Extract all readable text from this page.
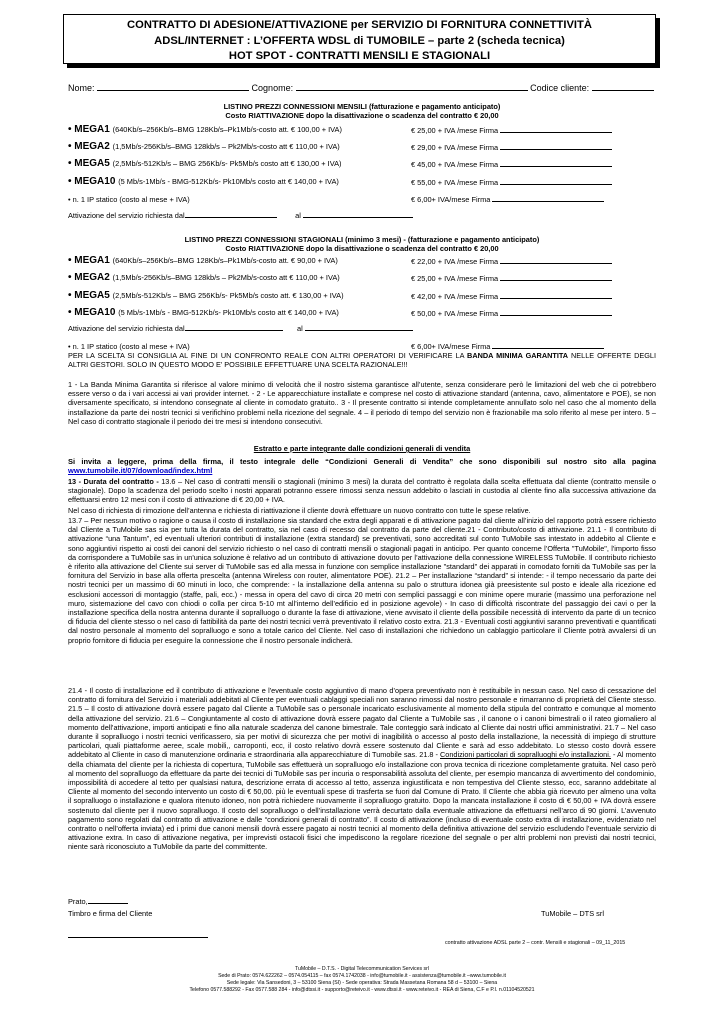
CONTRATTO DI ADESIONE/ATTIVAZIONE per SERVIZIO DI FORNITURA CONNETTIVITÀ
ADSL/INTERNET : L’OFFERTA WDSL di TUMOBILE – parte 2 (scheda tecnica)
HOT SPOT - CONTRATTI MENSILI E STAGIONALI
Nome:	Cognome:	Codice cliente:
LISTINO PREZZI CONNESSIONI MENSILI (fatturazione e pagamento anticipato)
Costo RIATTIVAZIONE dopo la disattivazione o scadenza del contratto € 20,00
• MEGA1 (640Kb/s–256Kb/s–BMG 128Kb/s–Pk1Mb/s-costo att. € 100,00 + IVA)	€ 25,00 + IVA /mese Firma
• MEGA2 (1,5Mb/s-256Kb/s–BMG 128kb/s – Pk2Mb/s-costo att € 110,00 + IVA)	€ 29,00 + IVA /mese Firma
• MEGA5 (2,5Mb/s-512Kb/s – BMG 256Kb/s- Pk5Mb/s costo att € 130,00 + IVA)	€ 45,00 + IVA /mese Firma
• MEGA10 (5 Mb/s-1Mb/s - BMG-512Kb/s- Pk10Mb/s costo att € 140,00 + IVA)	€ 55,00 + IVA /mese Firma
• n. 1 IP statico (costo al mese + IVA)	€ 6,00+ IVA/mese Firma
Attivazione del servizio richiesta dal	al
LISTINO PREZZI CONNESSIONI STAGIONALI (minimo 3 mesi) - (fatturazione e pagamento anticipato)
Costo RIATTIVAZIONE dopo la disattivazione o scadenza del contratto € 20,00
• MEGA1 (640Kb/s–256Kb/s–BMG 128Kb/s–Pk1Mb/s-costo att. € 90,00 + IVA)	€ 22,00 + IVA /mese Firma
• MEGA2 (1,5Mb/s-256Kb/s–BMG 128kb/s – Pk2Mb/s-costo att € 110,00 + IVA)	€ 25,00 + IVA /mese Firma
• MEGA5 (2,5Mb/s-512Kb/s – BMG 256Kb/s- Pk5Mb/s costo att. € 130,00 + IVA)	€ 42,00 + IVA /mese Firma
• MEGA10 (5 Mb/s-1Mb/s - BMG-512Kb/s- Pk10Mb/s costo att € 140,00 + IVA)	€ 50,00 + IVA /mese Firma
Attivazione del servizio richiesta dal	al
• n. 1 IP statico (costo al mese + IVA)	€ 6,00+ IVA/mese Firma
PER LA SCELTA SI CONSIGLIA AL FINE DI UN CONFRONTO REALE CON ALTRI OPERATORI DI VERIFICARE LA BANDA MINIMA GARANTITA NELLE OFFERTE DEGLI ALTRI GESTORI. SOLO IN QUESTO MODO E' POSSIBILE EFFETTUARE UNA SCELTA RAZIONALE!!!
1 - La Banda Minima Garantita si riferisce al valore minimo di velocità che il nostro sistema garantisce all’utente, senza considerare però le limitazioni del web che ci potrebbero essere verso o da i vari accessi ai vari provider internet. - 2 - Le apparecchiature installate e comprese nel costo di attivazione standard (antenna, cavo, alimentatore e POE), se non diversamente specificato, si intendono consegnate al cliente in comodato gratuito.. 3 - Il presente contratto si intende completamente annullato solo nel caso che al momento della installazione da parte dei nostri tecnici si verifichino problemi nella ricezione del segnale. 4 – il periodo di tempo del servizio non è frazionabile ma solo riferito al mese per intero. 5 – Nel caso di contratto stagionale il periodo dei tre mesi si intendono consecutivi.
Estratto e parte integrante dalle condizioni generali di vendita
Si invita a leggere, prima della firma, il testo integrale delle “Condizioni Generali di Vendita” che sono disponibili sul nostro sito alla pagina www.tumobile.it/07/download/index.html
13 - Durata del contratto - 13.6 – Nel caso di contratti mensili o stagionali (minimo 3 mesi) la durata del contratto è regolata dalla scelta effettuata dal cliente (contratto mensile o stagionale). Dopo la scadenza del periodo scelto i nostri apparati potranno essere rimossi senza nessun addebito o lasciati in custodia al cliente fino alla successiva attivazione da effettuarsi entro 12 mesi con il costo di attivazione di € 20,00 + IVA.
Nel caso di richiesta di rimozione dell’antenna e richiesta di riattivazione il cliente dovrà effettuare un nuovo contratto con tutte le spese relative.
13.7 – Per nessun motivo o ragione o causa il costo di installazione sia standard che extra degli apparati e di attivazione pagato dal cliente all’inizio del rapporto potrà essere richiesto dal Cliente a TuMobile sas sia per tutta la durata del contratto, sia nel caso di recesso dal contratto da parte del cliente.21 - Contributo/costo di attivazione. 21.1 - Il contributo di attivazione “una Tantum”, ed eventuali ulteriori contributi di installazione (extra standard) se preventivati, sono accreditati sul conto TuMobile sas intestato in addebito al Cliente e sono aggiuntivi rispetto ai costi dei canoni del servizio richiesto o nel caso di contratti mensili o stagionali pagati in anticipo. Per quanto concerne l’Offerta "TuMobile", l'importo fisso da corrispondere a TuMobile sas in un'unica soluzione è relativo ad un contributo di attivazione dovuto per l’attivazione della connessione WIRELESS TuMobile. Il contributo richiesto è riferito alla attivazione del Cliente sui server di TuMobile sas ed alla messa in funzione con semplice installazione "standard" dei apparati in comodato forniti da TuMobile sas per la fornitura del Servizio in base alla offerta prescelta (antenna Wireless con router, alimentatore POE). 21.2 – Per installazione “standard” si intende: - il tempo necessario da parte dei nostri tecnici per un massimo di 60 minuti in loco, che comprende: - la installazione della antenna su palo o struttura idonea già preesistente sul posto e ideale alla ricezione ed esclusioni accessori di montaggio (staffe, pali, ecc.) - messa in opera del cavo di circa 20 metri con semplici passaggi e con minime opere murarie (massimo una perforazione nel muro, sistemazione del cavo con chiodi o colla per circa 5-10 mt all’interno dell’edificio ed in posizione agevole) - In caso di difficoltà riscontrate del passaggio dei cavi o per la installazione specifica della nostra antenna durante il sopralluogo o durante la fase di attivazione, viene avvisato il cliente della possibile necessità di intervento da parte di un tecnico di fiducia del cliente stesso o nel caso di fattibilità da parte dei nostri tecnici verrà preventivato il relativo costo extra. 21.3 - Eventuali costi aggiuntivi saranno preventivati e quantificati dal nostro personale al momento del sopralluogo e sono a totale carico del Cliente. Nel caso di installazioni che richiedono un cablaggio particolare il Cliente potrà avvalersi di un proprio fornitore di fiducia per eseguire la connessione che il nostro personale indicherà.
21.4 - Il costo di installazione ed il contributo di attivazione e l'eventuale costo aggiuntivo di mano d’opera preventivato non è restituibile in nessun caso. Nel caso di cessazione del contratto di fornitura del Servizio i materiali addebitati al Cliente per eventuali cablaggi speciali non saranno rimossi dal nostro personale e rimarranno di proprietà del Cliente stesso. 21.5 – Il costo di attivazione dovrà essere pagato dal Cliente a TuMobile sas o personale incaricato esclusivamente al momento della stipula del contratto e comunque al momento della attivazione del servizio. 21.6 – Congiuntamente al costo di attivazione dovrà essere pagato dal Cliente a TuMobile sas , il canone o i canoni bimestrali o il rateo giornaliero al momento dell'attivazione, importi anticipati e fino alla naturale scadenza del canone bimestrale. Tale conteggio sarà indicato al Cliente dai nostri uffici amministrativi. 21.7 – Nel caso durante il sopralluogo i nostri tecnici verificassero, sia per motivi di sicurezza che per motivi di inagibilità o accesso al posto della installazione, la necessità di impiego di strutture particolari, quali piattaforme aeree, scale mobili,, carroponti, ecc, il costo relativo dovrà essere sostenuto dal Cliente e sarà ad esso addebitato. Lo stesso costo dovrà essere addebitato al Cliente in caso di manutenzione ordinaria e straordinaria alla apparecchiature di Tumobile sas. 21.8 - Condizioni particolari di sopralluoghi e/o installazioni. - Al momento della chiamata del cliente per la richiesta di copertura, TuMobile sas effettuerà un sopralluogo e/o installazione con prova tecnica di ricezione completamente gratuita. Nel caso però al momento del sopralluogo da effettuare da parte dei tecnici di TuMobile sas per incuria o responsabilità assoluta del cliente, per esempio mancanza di avvertimento del condominio, impossibilità di accedere al tetto per qualsiasi natura, descrizione errata di accesso al tetto, assenza ingiustificata e non tempestiva del Cliente stesso, ecc, saranno addebitate al Cliente al momento del secondo intervento un costo di € 50,00. più le eventuali spese di trasferta se fuori dal Comune di Prato. Il Cliente che abbia già ricevuto per almeno una volta il sopralluogo o installazione e qualora ritenuto idoneo, non potrà richiedere nuovamente il sopralluogo gratuito. Dopo la mancata installazione il costo di € 50,00 + IVA dovrà essere sostenuto dal cliente per il nuovo sopralluogo. Il costo del sopralluogo o dell’installazione verrà decurtato dalla eventuale attivazione da effettuarsi nell’arco di 90 giorni. L’avvenuto pagamento sono regolati dal contratto di attivazione e dalle “condizioni generali di contratto”. Il costo di attivazione (incluso di eventuale costo extra di installazione, evidenziato nel contratto o nell’offerta inviata) ed i primi due canoni mensili dovrà essere pagato ai nostri tecnici al momento della definitiva attivazione del servizio escludendo l’eventuale servizio di attivazione extra. In caso di attivazione negativa, per imprevisti ostacoli fisici che impediscono la regolare ricezione del segnale o per altri problemi non previsti dai nostri tecnici, niente sarà riconosciuto a TuMobile da parte del committente.
Prato,
Timbro e firma del Cliente	TuMobile – DTS srl
contratto attivazione ADSL parte 2 – contr. Mensili e stagionali – 09_11_2015
TuMobile – D.T.S. - Digital Telecommunication Services srl
Sede di Prato: 0574.622262 – 0574.054115 – fax 0574.1742038 - info@tumobile.it - assistenza@tumobile.it –www.tumobile.it
Sede legale: Via Sansedoni, 3 – 53100 Siena (SI) - Sede operativa: Strada Massetana Romana 58 d – 53100 – Siena
Telefono 0577.588292 - Fax 0577.588 284 - info@dtssi.it - supporto@reteivo.it - www.dtssi.it - www.reteivo.it - REA di Siena, C.F e P.I. n.01104520521
